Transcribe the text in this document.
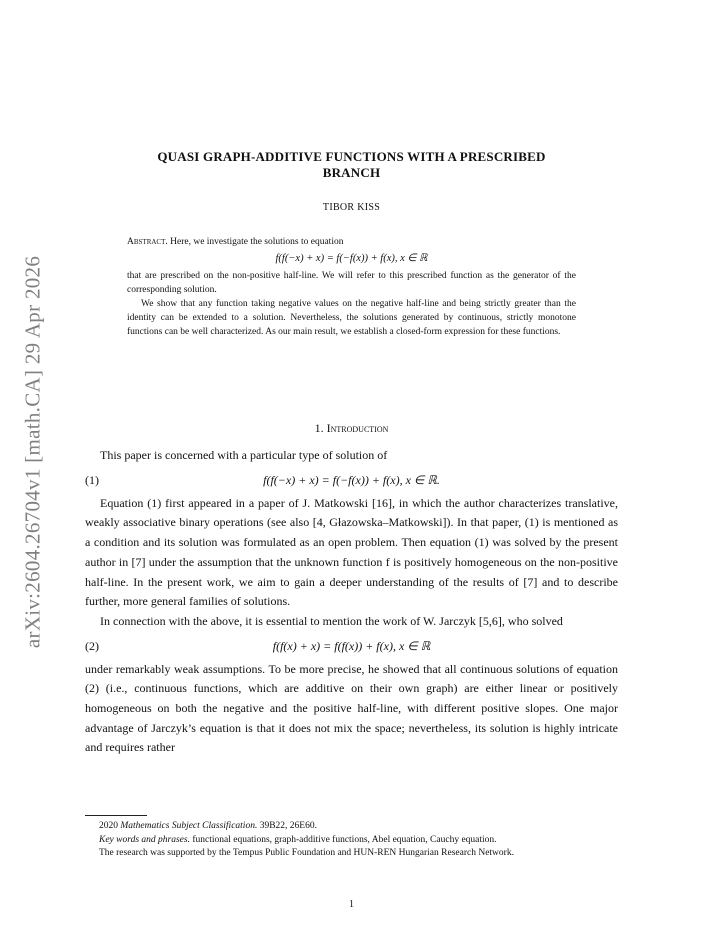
arXiv:2604.26704v1 [math.CA] 29 Apr 2026
QUASI GRAPH-ADDITIVE FUNCTIONS WITH A PRESCRIBED
BRANCH
TIBOR KISS

Abstract. Here, we investigate the solutions to equation

f(f(−x) + x) = f(−f(x)) + f(x), x ∈ ℝ

that are prescribed on the non-positive half-line. We will refer to this prescribed function as the generator of the corresponding solution.

We show that any function taking negative values on the negative half-line and being strictly greater than the identity can be extended to a solution. Nevertheless, the solutions generated by continuous, strictly monotone functions can be well characterized. As our main result, we establish a closed-form expression for these functions.

1. Introduction

This paper is concerned with a particular type of solution of

(1)	f(f(−x) + x) = f(−f(x)) + f(x), x ∈ ℝ.

Equation (1) first appeared in a paper of J. Matkowski [16], in which the author characterizes translative, weakly associative binary operations (see also [4, Głazowska–Matkowski]). In that paper, (1) is mentioned as a condition and its solution was formulated as an open problem. Then equation (1) was solved by the present author in [7] under the assumption that the unknown function f is positively homogeneous on the non-positive half-line. In the present work, we aim to gain a deeper understanding of the results of [7] and to describe further, more general families of solutions.

In connection with the above, it is essential to mention the work of W. Jarczyk [5,6], who solved

(2)	f(f(x) + x) = f(f(x)) + f(x), x ∈ ℝ

under remarkably weak assumptions. To be more precise, he showed that all continuous solutions of equation (2) (i.e., continuous functions, which are additive on their own graph) are either linear or positively homogeneous on both the negative and the positive half-line, with different positive slopes. One major advantage of Jarczyk’s equation is that it does not mix the space; nevertheless, its solution is highly intricate and requires rather

2020 Mathematics Subject Classification. 39B22, 26E60.

Key words and phrases. functional equations, graph-additive functions, Abel equation, Cauchy equation.

The research was supported by the Tempus Public Foundation and HUN-REN Hungarian Research Network.

1
